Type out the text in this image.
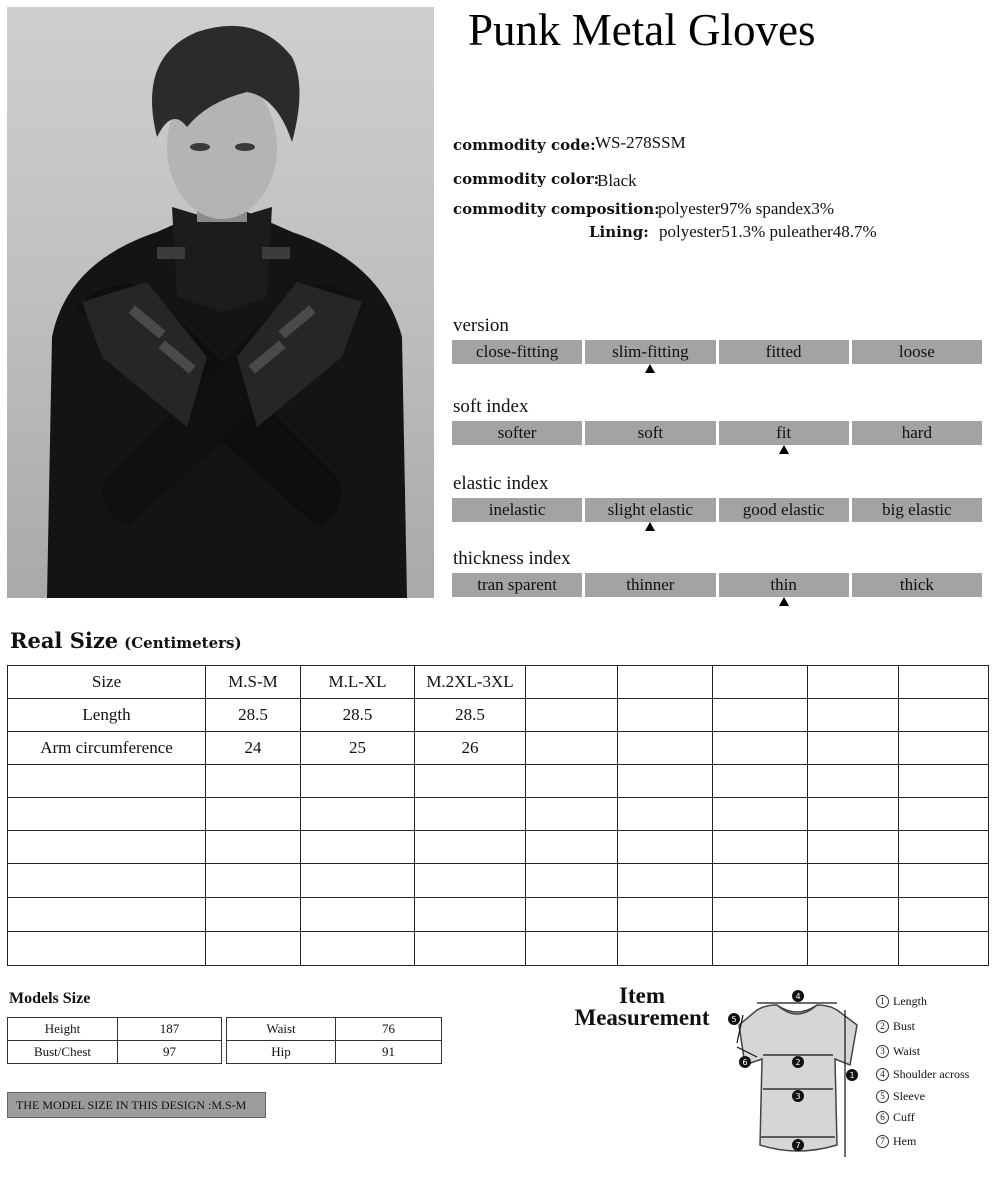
Punk Metal Gloves
commodity code: WS-278SSM
commodity color:
Black
commodity composition:
polyester97% spandex3%
Lining: polyester51.3% puleather48.7%
version
close-fitting	slim-fitting	fitted	loose
soft index
softer	soft	fit	hard
elastic index
inelastic	slight elastic	good elastic	big elastic
thickness index
tran sparent	thinner	thin	thick
Real Size (Centimeters)
Size	M.S-M	M.L-XL	M.2XL-3XL					
Length	28.5	28.5	28.5					
Arm circumference	24	25	26					

Models Size
Height	187
Bust/Chest	97
Waist	76
Hip	91
THE MODEL SIZE IN THIS DESIGN :M.S-M
Item
Measurement
4
5
6	2
3
7
1
1 Length
2 Bust
3 Waist
4 Shoulder across
5 Sleeve
6 Cuff
7 Hem
